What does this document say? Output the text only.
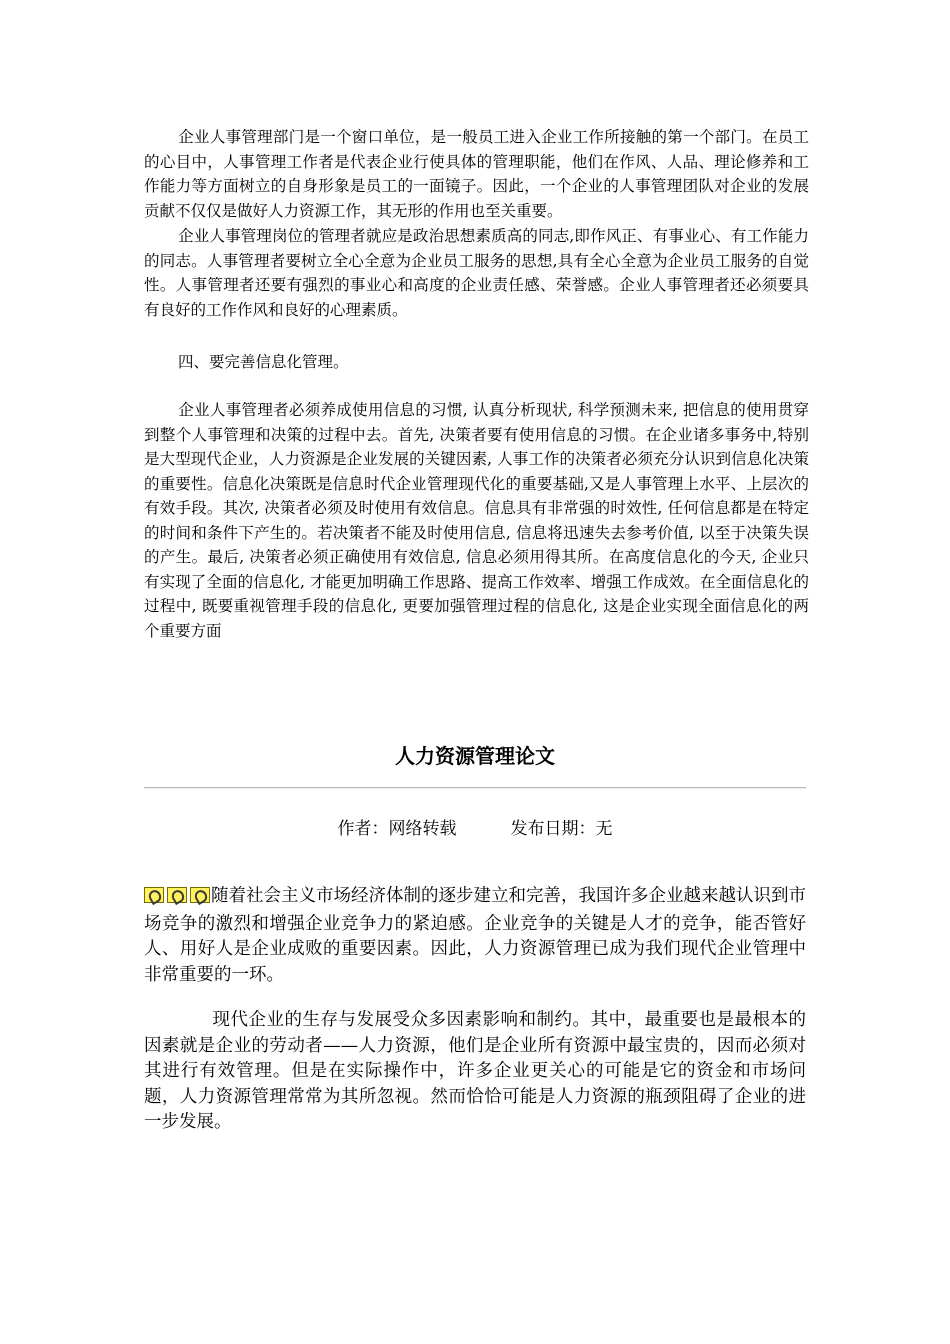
企业人事管理部门是一个窗口单位，是一般员工进入企业工作所接触的第一个部门。在员工的心目中，人事管理工作者是代表企业行使具体的管理职能，他们在作风、人品、理论修养和工作能力等方面树立的自身形象是员工的一面镜子。因此，一个企业的人事管理团队对企业的发展贡献不仅仅是做好人力资源工作，其无形的作用也至关重要。

企业人事管理岗位的管理者就应是政治思想素质高的同志,即作风正、有事业心、有工作能力的同志。人事管理者要树立全心全意为企业员工服务的思想,具有全心全意为企业员工服务的自觉性。人事管理者还要有强烈的事业心和高度的企业责任感、荣誉感。企业人事管理者还必须要具有良好的工作作风和良好的心理素质。

四、要完善信息化管理。

企业人事管理者必须养成使用信息的习惯, 认真分析现状, 科学预测未来, 把信息的使用贯穿到整个人事管理和决策的过程中去。首先, 决策者要有使用信息的习惯。在企业诸多事务中,特别是大型现代企业，人力资源是企业发展的关键因素, 人事工作的决策者必须充分认识到信息化决策的重要性。信息化决策既是信息时代企业管理现代化的重要基础,又是人事管理上水平、上层次的有效手段。其次, 决策者必须及时使用有效信息。信息具有非常强的时效性, 任何信息都是在特定的时间和条件下产生的。若决策者不能及时使用信息, 信息将迅速失去参考价值, 以至于决策失误的产生。最后, 决策者必须正确使用有效信息, 信息必须用得其所。在高度信息化的今天, 企业只有实现了全面的信息化, 才能更加明确工作思路、提高工作效率、增强工作成效。在全面信息化的过程中, 既要重视管理手段的信息化, 更要加强管理过程的信息化, 这是企业实现全面信息化的两个重要方面

人力资源管理论文
作者：网络转载	发布日期：无

随着社会主义市场经济体制的逐步建立和完善，我国许多企业越来越认识到市场竞争的激烈和增强企业竞争力的紧迫感。企业竞争的关键是人才的竞争，能否管好人、用好人是企业成败的重要因素。因此，人力资源管理已成为我们现代企业管理中非常重要的一环。

现代企业的生存与发展受众多因素影响和制约。其中，最重要也是最根本的因素就是企业的劳动者——人力资源，他们是企业所有资源中最宝贵的，因而必须对其进行有效管理。但是在实际操作中，许多企业更关心的可能是它的资金和市场问题，人力资源管理常常为其所忽视。然而恰恰可能是人力资源的瓶颈阻碍了企业的进一步发展。
